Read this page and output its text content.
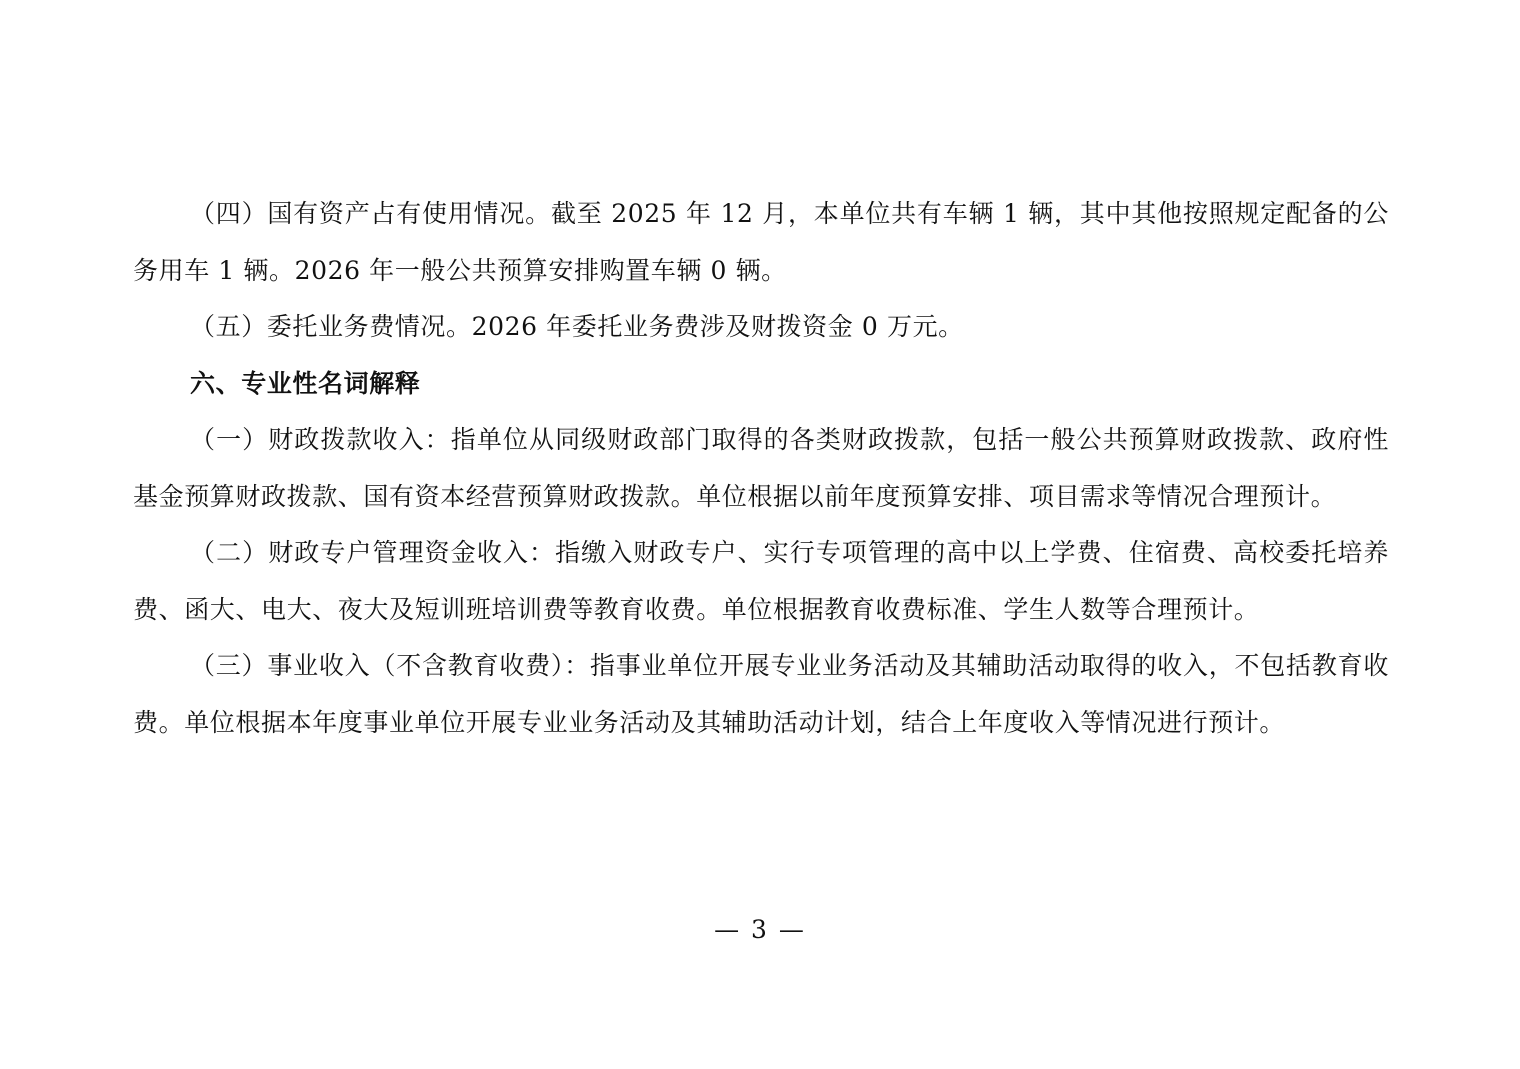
（四）国有资产占有使用情况。截至 2025 年 12 月，本单位共有车辆 1 辆，其中其他按照规定配备的公务用车 1 辆。2026 年一般公共预算安排购置车辆 0 辆。

（五）委托业务费情况。2026 年委托业务费涉及财拨资金 0 万元。

六、专业性名词解释

（一）财政拨款收入：指单位从同级财政部门取得的各类财政拨款，包括一般公共预算财政拨款、政府性基金预算财政拨款、国有资本经营预算财政拨款。单位根据以前年度预算安排、项目需求等情况合理预计。

（二）财政专户管理资金收入：指缴入财政专户、实行专项管理的高中以上学费、住宿费、高校委托培养费、函大、电大、夜大及短训班培训费等教育收费。单位根据教育收费标准、学生人数等合理预计。

（三）事业收入（不含教育收费）：指事业单位开展专业业务活动及其辅助活动取得的收入，不包括教育收费。单位根据本年度事业单位开展专业业务活动及其辅助活动计划，结合上年度收入等情况进行预计。

— 3 —
